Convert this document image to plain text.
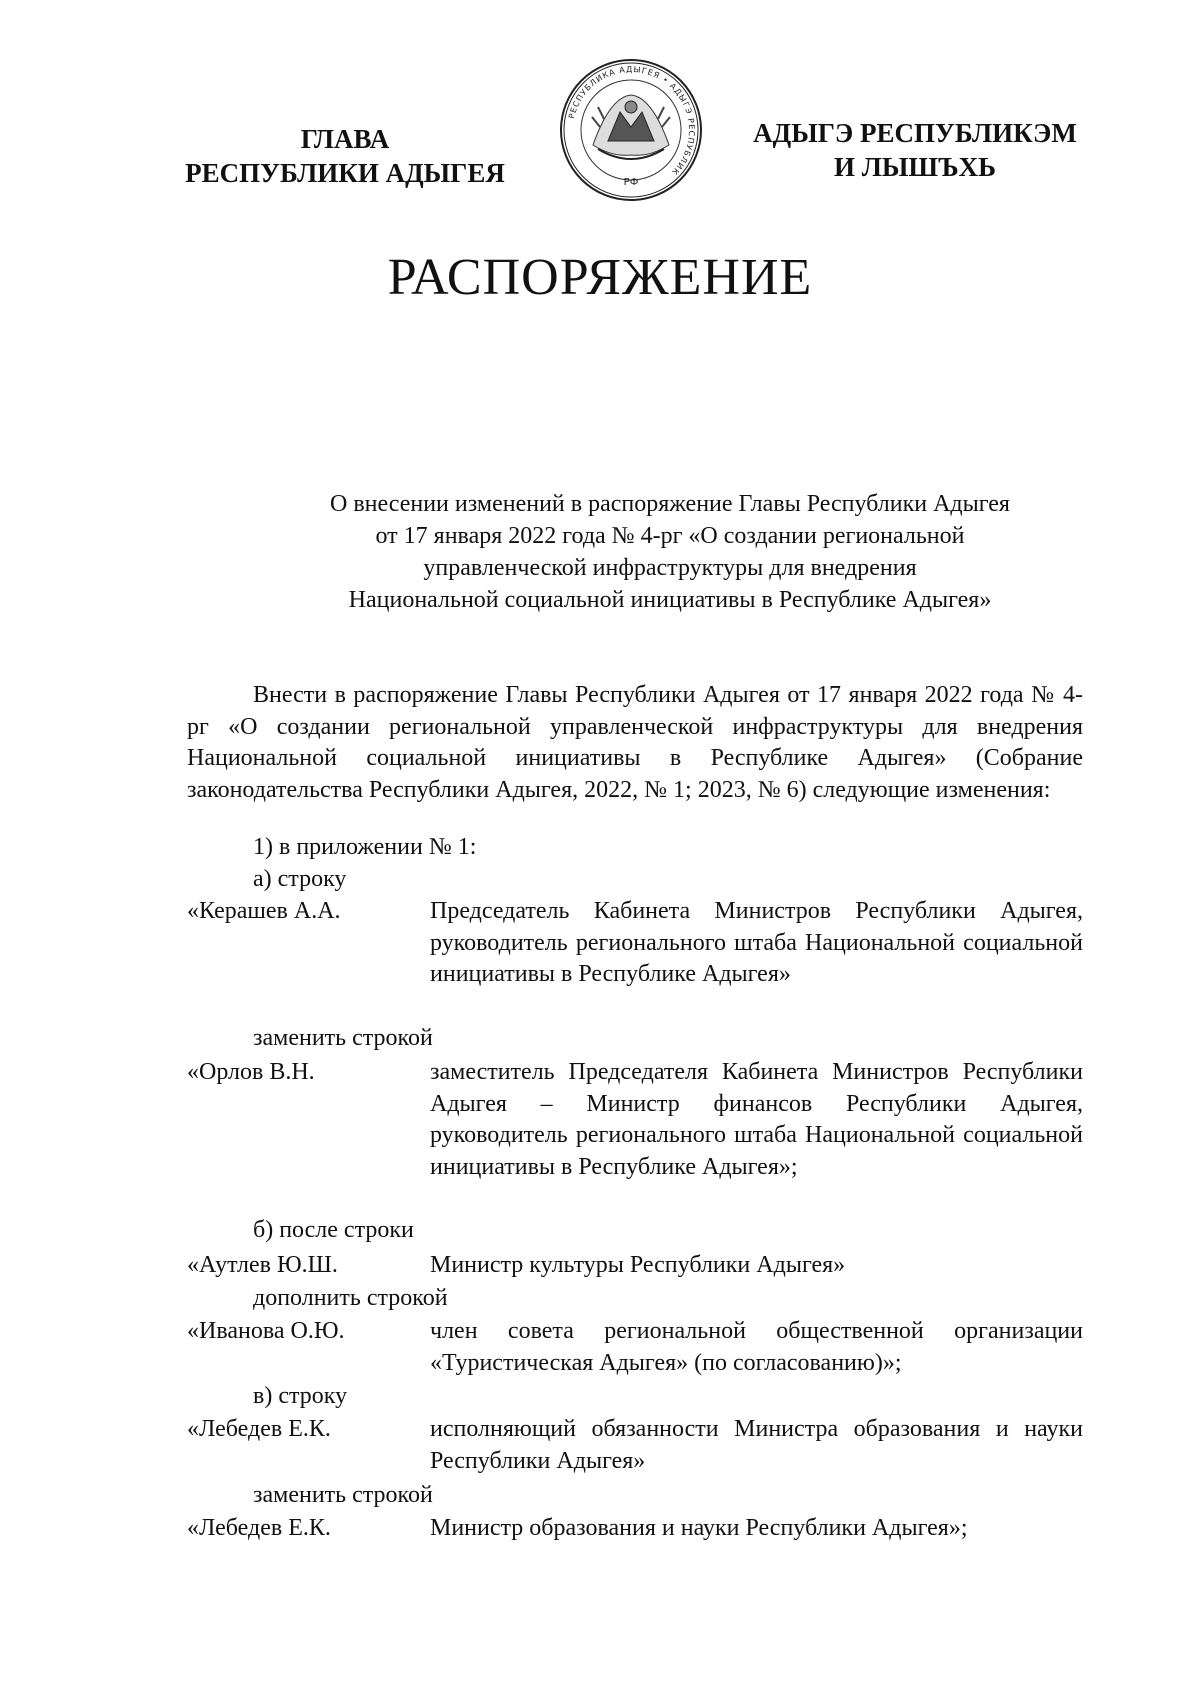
ГЛАВА
РЕСПУБЛИКИ АДЫГЕЯ
РЕСПУБЛИКА АДЫГЕЯ • АДЫГЭ РЕСПУБЛИК
РФ
АДЫГЭ РЕСПУБЛИКЭМ
И ЛЫШЪХЬ
РАСПОРЯЖЕНИЕ
О внесении изменений в распоряжение Главы Республики Адыгея
от 17 января 2022 года № 4-рг «О создании региональной
управленческой инфраструктуры для внедрения
Национальной социальной инициативы в Республике Адыгея»
Внести в распоряжение Главы Республики Адыгея от 17 января 2022 года № 4-рг «О создании региональной управленческой инфраструктуры для внедрения Национальной социальной инициативы в Республике Адыгея» (Собрание законодательства Республики Адыгея, 2022, № 1; 2023, № 6) следующие изменения:
1) в приложении № 1:
а) строку
«Керашев А.А.	Председатель Кабинета Министров Республики Адыгея, руководитель регионального штаба Национальной социальной инициативы в Республике Адыгея»
заменить строкой
«Орлов В.Н.	заместитель Председателя Кабинета Министров Республики Адыгея – Министр финансов Республики Адыгея, руководитель регионального штаба Национальной социальной инициативы в Республике Адыгея»;
б) после строки
«Аутлев Ю.Ш.	Министр культуры Республики Адыгея»
дополнить строкой
«Иванова О.Ю.	член совета региональной общественной организации «Туристическая Адыгея» (по согласованию)»;
в) строку
«Лебедев Е.К.	исполняющий обязанности Министра образования и науки Республики Адыгея»
заменить строкой
«Лебедев Е.К.	Министр образования и науки Республики Адыгея»;
